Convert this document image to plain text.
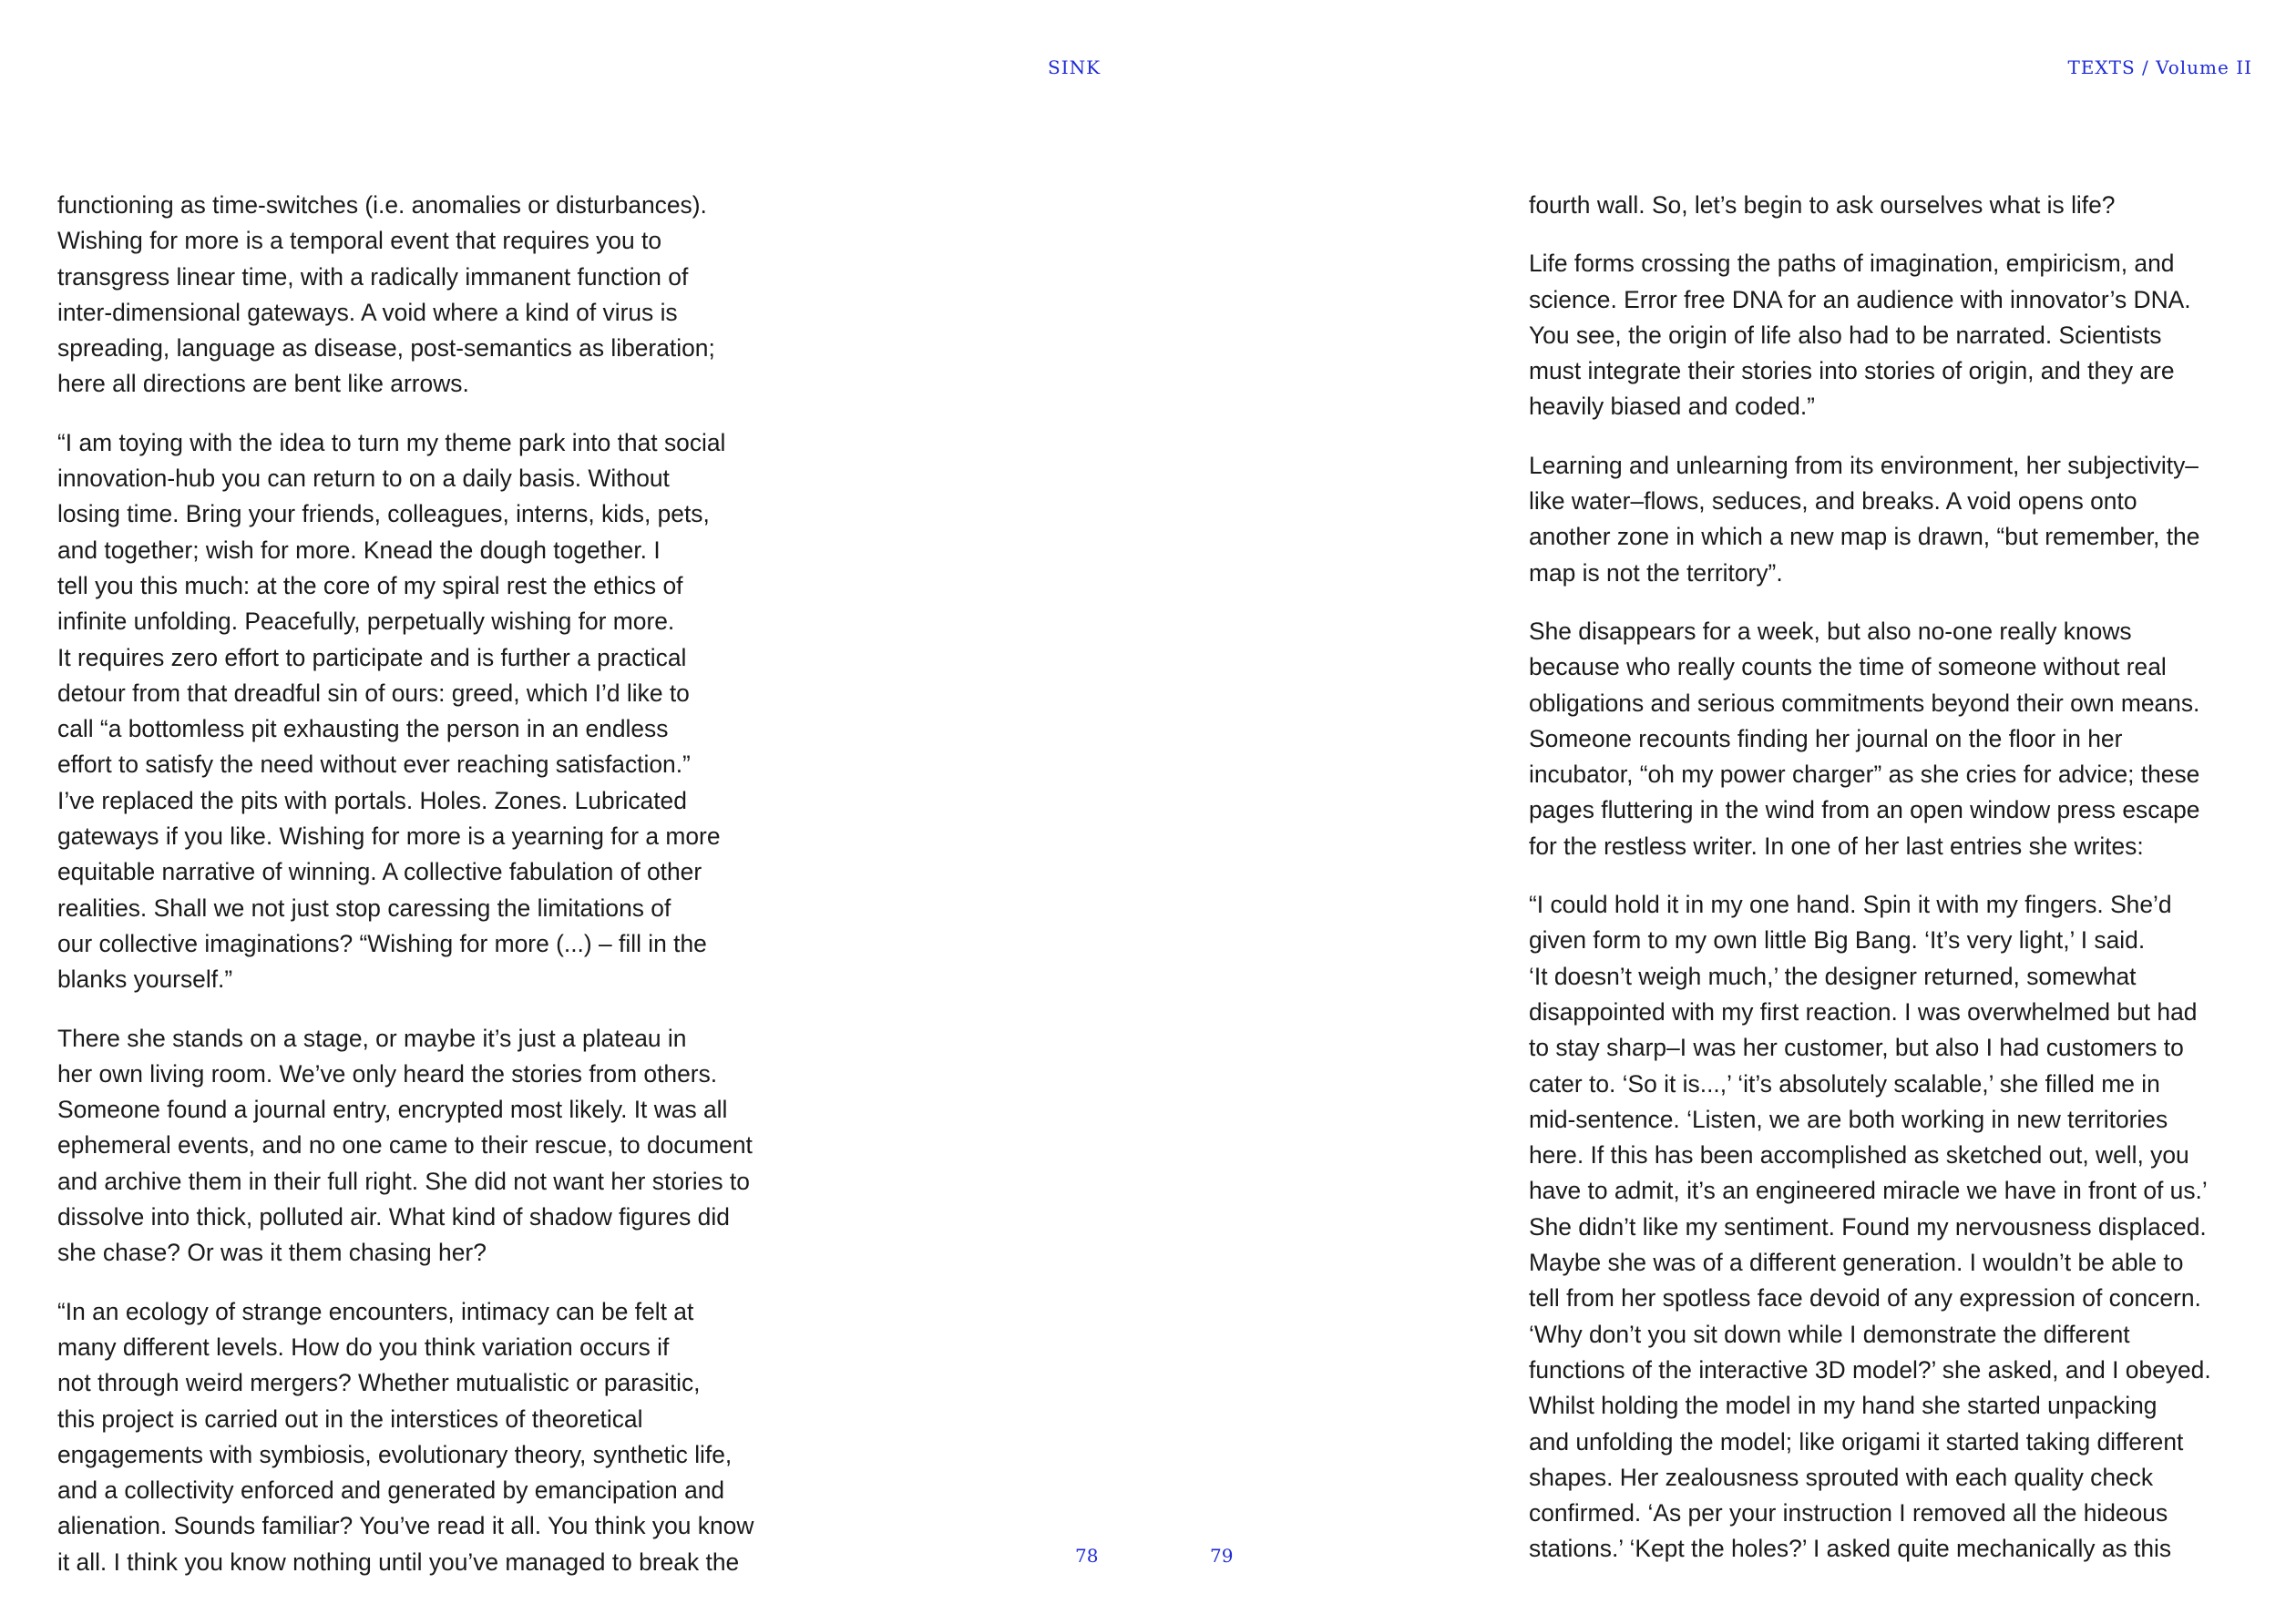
SINK	TEXTS / Volume II

functioning as time-switches (i.e. anomalies or disturbances).
Wishing for more is a temporal event that requires you to
transgress linear time, with a radically immanent function of
inter-dimensional gateways. A void where a kind of virus is
spreading, language as disease, post-semantics as liberation;
here all directions are bent like arrows.

“I am toying with the idea to turn my theme park into that social
innovation-hub you can return to on a daily basis. Without
losing time. Bring your friends, colleagues, interns, kids, pets,
and together; wish for more. Knead the dough together. I
tell you this much: at the core of my spiral rest the ethics of
infinite unfolding. Peacefully, perpetually wishing for more.
It requires zero effort to participate and is further a practical
detour from that dreadful sin of ours: greed, which I’d like to
call “a bottomless pit exhausting the person in an endless
effort to satisfy the need without ever reaching satisfaction.”
I’ve replaced the pits with portals. Holes. Zones. Lubricated
gateways if you like. Wishing for more is a yearning for a more
equitable narrative of winning. A collective fabulation of other
realities. Shall we not just stop caressing the limitations of
our collective imaginations? “Wishing for more (...) – fill in the
blanks yourself.”

There she stands on a stage, or maybe it’s just a plateau in
her own living room. We’ve only heard the stories from others.
Someone found a journal entry, encrypted most likely. It was all
ephemeral events, and no one came to their rescue, to document
and archive them in their full right. She did not want her stories to
dissolve into thick, polluted air. What kind of shadow figures did
she chase? Or was it them chasing her?

“In an ecology of strange encounters, intimacy can be felt at
many different levels. How do you think variation occurs if
not through weird mergers? Whether mutualistic or parasitic,
this project is carried out in the interstices of theoretical
engagements with symbiosis, evolutionary theory, synthetic life,
and a collectivity enforced and generated by emancipation and
alienation. Sounds familiar? You’ve read it all. You think you know
it all. I think you know nothing until you’ve managed to break the

fourth wall. So, let’s begin to ask ourselves what is life?

Life forms crossing the paths of imagination, empiricism, and
science. Error free DNA for an audience with innovator’s DNA.
You see, the origin of life also had to be narrated. Scientists
must integrate their stories into stories of origin, and they are
heavily biased and coded.”

Learning and unlearning from its environment, her subjectivity–
like water–flows, seduces, and breaks. A void opens onto
another zone in which a new map is drawn, “but remember, the
map is not the territory”.

She disappears for a week, but also no-one really knows
because who really counts the time of someone without real
obligations and serious commitments beyond their own means.
Someone recounts finding her journal on the floor in her
incubator, “oh my power charger” as she cries for advice; these
pages fluttering in the wind from an open window press escape
for the restless writer. In one of her last entries she writes:

“I could hold it in my one hand. Spin it with my fingers. She’d
given form to my own little Big Bang. ‘It’s very light,’ I said.
‘It doesn’t weigh much,’ the designer returned, somewhat
disappointed with my first reaction. I was overwhelmed but had
to stay sharp–I was her customer, but also I had customers to
cater to. ‘So it is...,’ ‘it’s absolutely scalable,’ she filled me in
mid-sentence. ‘Listen, we are both working in new territories
here. If this has been accomplished as sketched out, well, you
have to admit, it’s an engineered miracle we have in front of us.’
She didn’t like my sentiment. Found my nervousness displaced.
Maybe she was of a different generation. I wouldn’t be able to
tell from her spotless face devoid of any expression of concern.
‘Why don’t you sit down while I demonstrate the different
functions of the interactive 3D model?’ she asked, and I obeyed.
Whilst holding the model in my hand she started unpacking
and unfolding the model; like origami it started taking different
shapes. Her zealousness sprouted with each quality check
confirmed. ‘As per your instruction I removed all the hideous
stations.’ ‘Kept the holes?’ I asked quite mechanically as this

78	79
